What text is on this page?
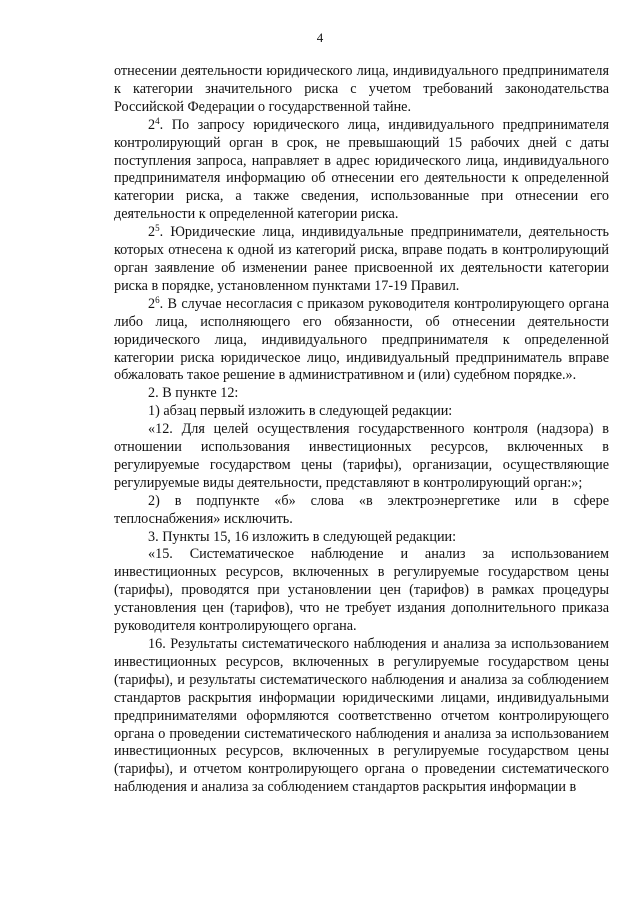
4

отнесении деятельности юридического лица, индивидуального предпринимателя к категории значительного риска с учетом требований законодательства Российской Федерации о государственной тайне.

$2^4$. По запросу юридического лица, индивидуального предпринимателя контролирующий орган в срок, не превышающий 15 рабочих дней с даты поступления запроса, направляет в адрес юридического лица, индивидуального предпринимателя информацию об отнесении его деятельности к определенной категории риска, а также сведения, использованные при отнесении его деятельности к определенной категории риска.

$2^5$. Юридические лица, индивидуальные предприниматели, деятельность которых отнесена к одной из категорий риска, вправе подать в контролирующий орган заявление об изменении ранее присвоенной их деятельности категории риска в порядке, установленном пунктами 17-19 Правил.

$2^6$. В случае несогласия с приказом руководителя контролирующего органа либо лица, исполняющего его обязанности, об отнесении деятельности юридического лица, индивидуального предпринимателя к определенной категории риска юридическое лицо, индивидуальный предприниматель вправе обжаловать такое решение в административном и (или) судебном порядке.».

2. В пункте 12:

1) абзац первый изложить в следующей редакции:

«12. Для целей осуществления государственного контроля (надзора) в отношении использования инвестиционных ресурсов, включенных в регулируемые государством цены (тарифы), организации, осуществляющие регулируемые виды деятельности, представляют в контролирующий орган:»;

2) в подпункте «б» слова «в электроэнергетике или в сфере теплоснабжения» исключить.

3. Пункты 15, 16 изложить в следующей редакции:

«15. Систематическое наблюдение и анализ за использованием инвестиционных ресурсов, включенных в регулируемые государством цены (тарифы), проводятся при установлении цен (тарифов) в рамках процедуры установления цен (тарифов), что не требует издания дополнительного приказа руководителя контролирующего органа.

16. Результаты систематического наблюдения и анализа за использованием инвестиционных ресурсов, включенных в регулируемые государством цены (тарифы), и результаты систематического наблюдения и анализа за соблюдением стандартов раскрытия информации юридическими лицами, индивидуальными предпринимателями оформляются соответственно отчетом контролирующего органа о проведении систематического наблюдения и анализа за использованием инвестиционных ресурсов, включенных в регулируемые государством цены (тарифы), и отчетом контролирующего органа о проведении систематического наблюдения и анализа за соблюдением стандартов раскрытия информации в
